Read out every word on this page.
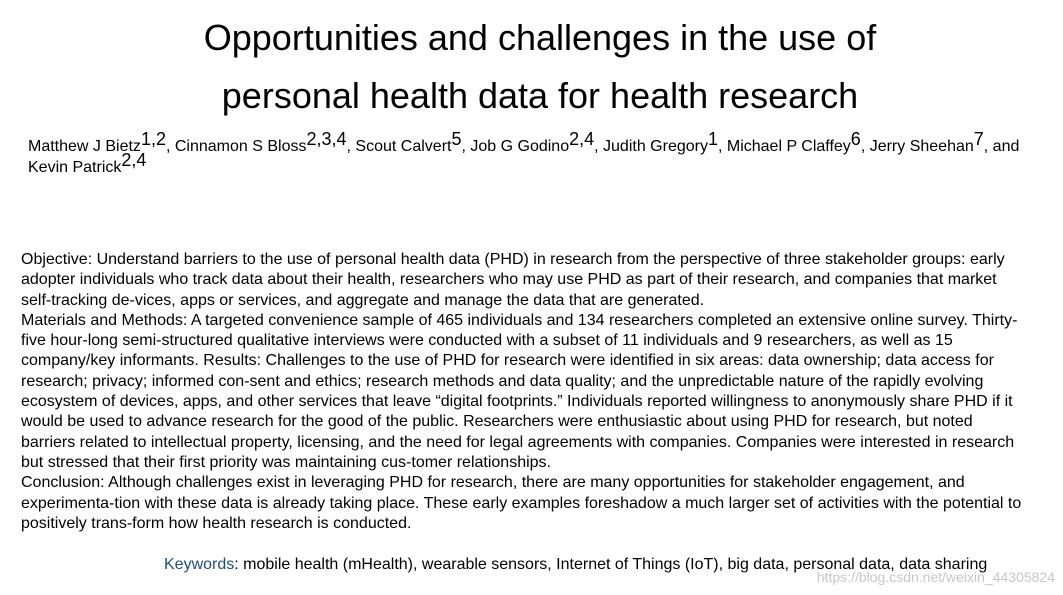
Opportunities and challenges in the use of
personal health data for health research

Matthew J Bietz$^{1,2}$, Cinnamon S Bloss$^{2,3,4}$, Scout Calvert$^5$, Job G Godino$^{2,4}$, Judith Gregory$^1$, Michael P Claffey$^6$, Jerry Sheehan$^7$, and Kevin Patrick$^{2,4}$

Objective: Understand barriers to the use of personal health data (PHD) in research from the perspective of three stakeholder groups: early adopter individuals who track data about their health, researchers who may use PHD as part of their research, and companies that market self-tracking de-vices, apps or services, and aggregate and manage the data that are generated.

Materials and Methods: A targeted convenience sample of 465 individuals and 134 researchers completed an extensive online survey. Thirty-five hour-long semi-structured qualitative interviews were conducted with a subset of 11 individuals and 9 researchers, as well as 15 company/key informants. Results: Challenges to the use of PHD for research were identified in six areas: data ownership; data access for research; privacy; informed con-sent and ethics; research methods and data quality; and the unpredictable nature of the rapidly evolving ecosystem of devices, apps, and other services that leave “digital footprints.” Individuals reported willingness to anonymously share PHD if it would be used to advance research for the good of the public. Researchers were enthusiastic about using PHD for research, but noted barriers related to intellectual property, licensing, and the need for legal agreements with companies. Companies were interested in research but stressed that their first priority was maintaining cus-tomer relationships.

Conclusion: Although challenges exist in leveraging PHD for research, there are many opportunities for stakeholder engagement, and experimenta-tion with these data is already taking place. These early examples foreshadow a much larger set of activities with the potential to positively trans-form how health research is conducted.

Keywords: mobile health (mHealth), wearable sensors, Internet of Things (IoT), big data, personal data, data sharing

https://blog.csdn.net/weixin_44305824
